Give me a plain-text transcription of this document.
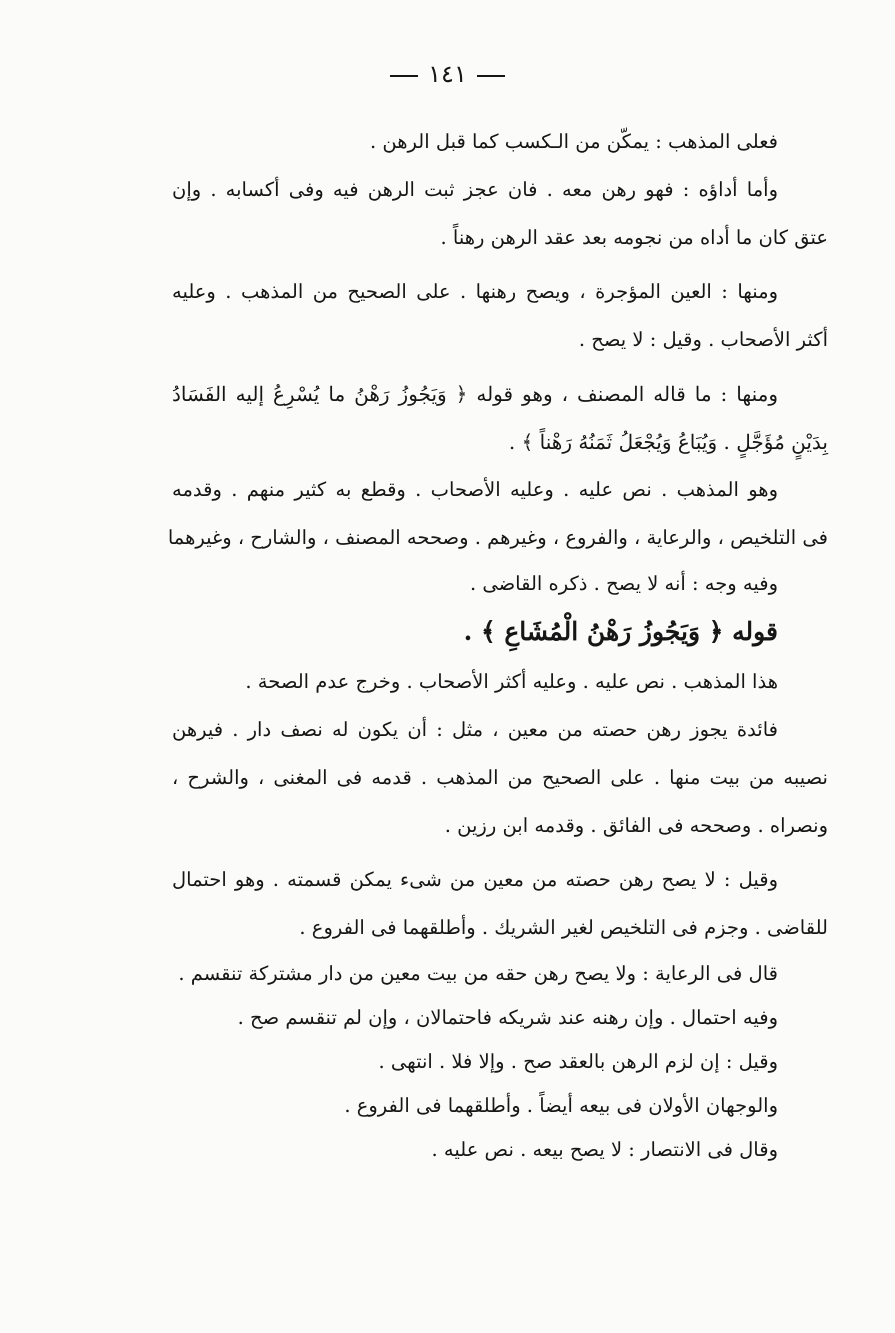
١٤١
فعلى المذهب : يمكّن من الـكسب كما قبل الرهن .
وأما أداؤه : فهو رهن معه . فان عجز ثبت الرهن فيه وفى أكسابه . وإن
عتق كان ما أداه من نجومه بعد عقد الرهن رهناً .
ومنها : العين المؤجرة ، ويصح رهنها . على الصحيح من المذهب . وعليه
أكثر الأصحاب . وقيل : لا يصح .
ومنها : ما قاله المصنف ، وهو قوله ﴿ وَيَجُوزُ رَهْنُ ما يُسْرِعُ إليه الفَسَادُ
بِدَيْنٍ مُؤَجَّلٍ . وَيُبَاعُ وَيُجْعَلُ ثَمَنُهُ رَهْناً ﴾ .
وهو المذهب . نص عليه . وعليه الأصحاب . وقطع به كثير منهم . وقدمه
فى التلخيص ، والرعاية ، والفروع ، وغيرهم . وصححه المصنف ، والشارح ، وغيرهما
وفيه وجه : أنه لا يصح . ذكره القاضى .
قوله ﴿ وَيَجُوزُ رَهْنُ الْمُشَاعِ ﴾ .
هذا المذهب . نص عليه . وعليه أكثر الأصحاب . وخرج عدم الصحة .
فائدة يجوز رهن حصته من معين ، مثل : أن يكون له نصف دار . فيرهن
نصيبه من بيت منها . على الصحيح من المذهب . قدمه فى المغنى ، والشرح ،
ونصراه . وصححه فى الفائق . وقدمه ابن رزين .
وقيل : لا يصح رهن حصته من معين من شىء يمكن قسمته . وهو احتمال
للقاضى . وجزم فى التلخيص لغير الشريك . وأطلقهما فى الفروع .
قال فى الرعاية : ولا يصح رهن حقه من بيت معين من دار مشتركة تنقسم .
وفيه احتمال . وإن رهنه عند شريكه فاحتمالان ، وإن لم تنقسم صح .
وقيل : إن لزم الرهن بالعقد صح . وإلا فلا . انتهى .
والوجهان الأولان فى بيعه أيضاً . وأطلقهما فى الفروع .
وقال فى الانتصار : لا يصح بيعه . نص عليه .
